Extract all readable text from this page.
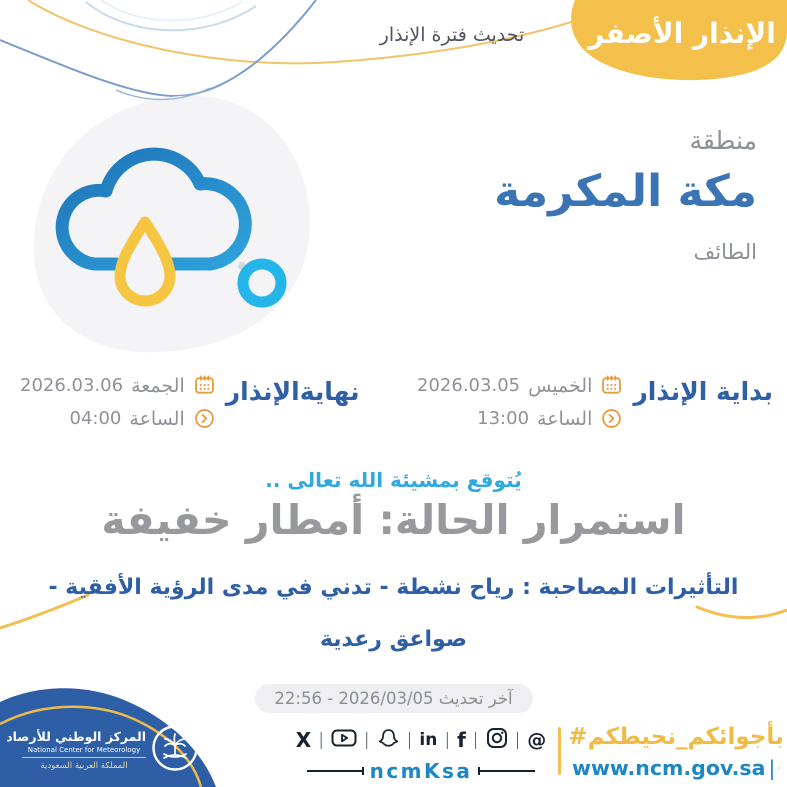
الإنذار الأصفر
تحديث فترة الإنذار
منطقة
مكة المكرمة
الطائف
بداية الإنذار
الخميس
2026.03.05
الساعة
13:00
نهايةالإنذار
الجمعة
2026.03.06
الساعة
04:00
يُتوقع بمشيئة الله تعالى ..
استمرار الحالة: أمطار خفيفة
التأثيرات المصاحبة : رياح نشطة - تدني في مدى الرؤية الأفقية -
صواعق رعدية
آخر تحديث 2026/03/05 - 22:56
المركز الوطني للأرصاد
National Center for Meteorology
المملكة العربية السعودية
X | | | in | f | | @
ncmKsa
#نحيطكم _ بأجوائكم
www.ncm.gov.sa |
